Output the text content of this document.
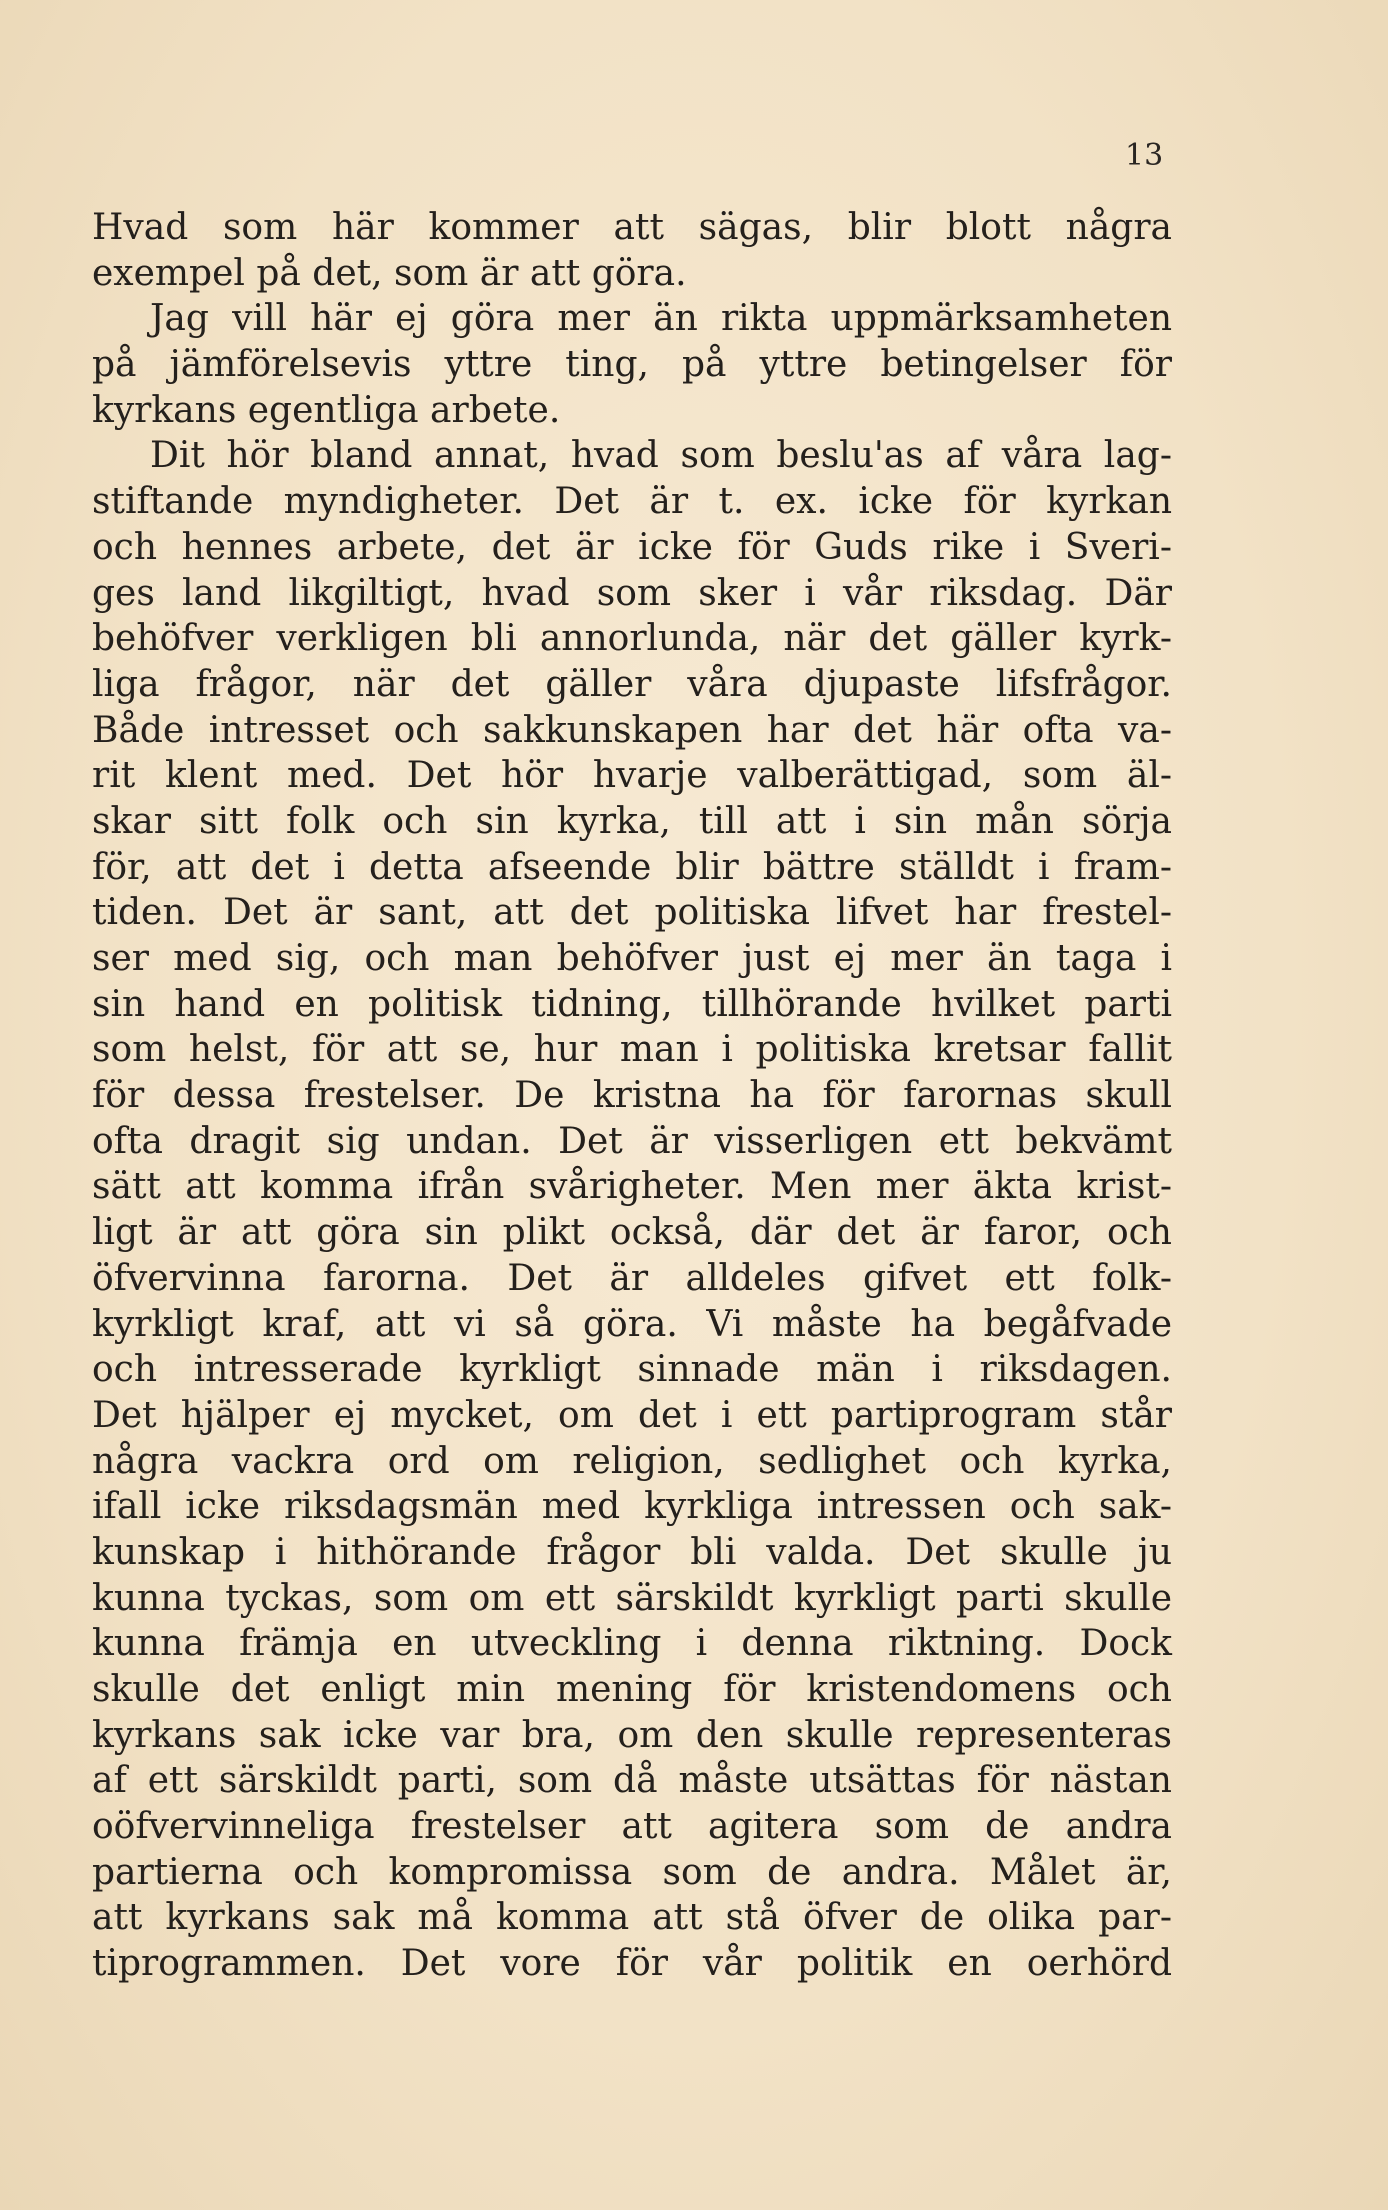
13
Hvad som här kommer att sägas, blir blott några
exempel på det, som är att göra.
Jag vill här ej göra mer än rikta uppmärksamheten
på jämförelsevis yttre ting, på yttre betingelser för
kyrkans egentliga arbete.
Dit hör bland annat, hvad som beslu'as af våra lag-
stiftande myndigheter. Det är t. ex. icke för kyrkan
och hennes arbete, det är icke för Guds rike i Sveri-
ges land likgiltigt, hvad som sker i vår riksdag. Där
behöfver verkligen bli annorlunda, när det gäller kyrk-
liga frågor, när det gäller våra djupaste lifsfrågor.
Både intresset och sakkunskapen har det här ofta va-
rit klent med. Det hör hvarje valberättigad, som äl-
skar sitt folk och sin kyrka, till att i sin mån sörja
för, att det i detta afseende blir bättre ställdt i fram-
tiden. Det är sant, att det politiska lifvet har frestel-
ser med sig, och man behöfver just ej mer än taga i
sin hand en politisk tidning, tillhörande hvilket parti
som helst, för att se, hur man i politiska kretsar fallit
för dessa frestelser. De kristna ha för farornas skull
ofta dragit sig undan. Det är visserligen ett bekvämt
sätt att komma ifrån svårigheter. Men mer äkta krist-
ligt är att göra sin plikt också, där det är faror, och
öfvervinna farorna. Det är alldeles gifvet ett folk-
kyrkligt kraf, att vi så göra. Vi måste ha begåfvade
och intresserade kyrkligt sinnade män i riksdagen.
Det hjälper ej mycket, om det i ett partiprogram står
några vackra ord om religion, sedlighet och kyrka,
ifall icke riksdagsmän med kyrkliga intressen och sak-
kunskap i hithörande frågor bli valda. Det skulle ju
kunna tyckas, som om ett särskildt kyrkligt parti skulle
kunna främja en utveckling i denna riktning. Dock
skulle det enligt min mening för kristendomens och
kyrkans sak icke var bra, om den skulle representeras
af ett särskildt parti, som då måste utsättas för nästan
oöfvervinneliga frestelser att agitera som de andra
partierna och kompromissa som de andra. Målet är,
att kyrkans sak må komma att stå öfver de olika par-
tiprogrammen. Det vore för vår politik en oerhörd
